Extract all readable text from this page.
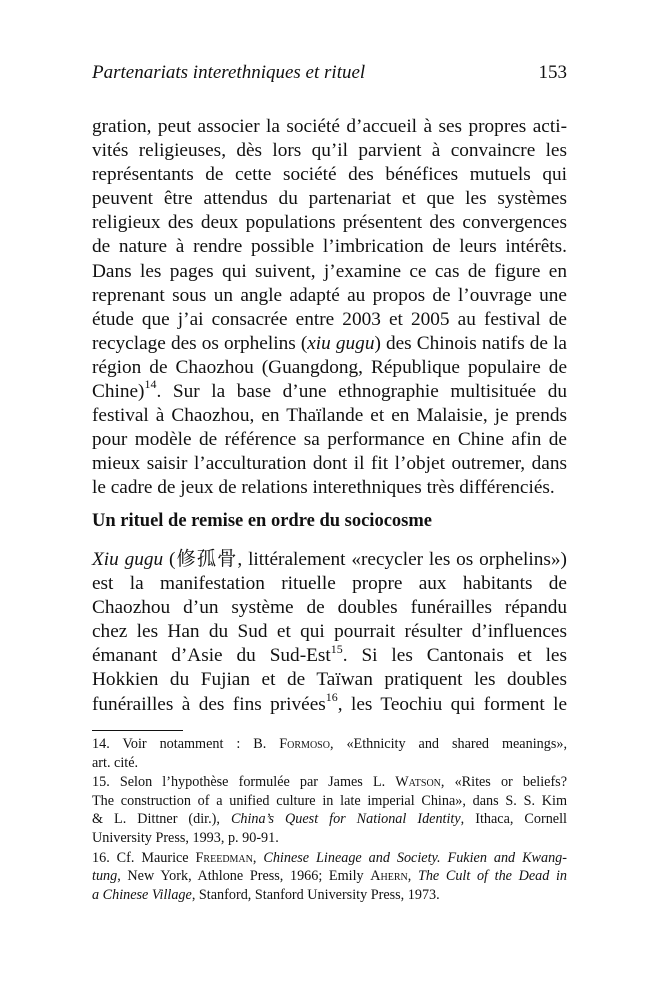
Partenariats interethniques et rituel	153
gration, peut associer la société d’accueil à ses propres acti-
vités religieuses, dès lors qu’il parvient à convaincre les
représentants de cette société des bénéfices mutuels qui
peuvent être attendus du partenariat et que les systèmes
religieux des deux populations présentent des convergences
de nature à rendre possible l’imbrication de leurs intérêts.
Dans les pages qui suivent, j’examine ce cas de figure en
reprenant sous un angle adapté au propos de l’ouvrage une
étude que j’ai consacrée entre 2003 et 2005 au festival de
recyclage des os orphelins (xiu gugu) des Chinois natifs de la
région de Chaozhou (Guangdong, République populaire de
Chine)$^{14}$. Sur la base d’une ethnographie multisituée du
festival à Chaozhou, en Thaïlande et en Malaisie, je prends
pour modèle de référence sa performance en Chine afin de
mieux saisir l’acculturation dont il fit l’objet outremer, dans
le cadre de jeux de relations interethniques très différenciés.
Un rituel de remise en ordre du sociocosme
Xiu gugu (修孤骨, littéralement «recycler les os orphelins»)
est la manifestation rituelle propre aux habitants de
Chaozhou d’un système de doubles funérailles répandu
chez les Han du Sud et qui pourrait résulter d’influences
émanant d’Asie du Sud-Est$^{15}$. Si les Cantonais et les
Hokkien du Fujian et de Taïwan pratiquent les doubles
funérailles à des fins privées$^{16}$, les Teochiu qui forment le
14. Voir notamment : B. Formoso, «Ethnicity and shared meanings»,
art. cité.
15. Selon l’hypothèse formulée par James L. Watson, «Rites or beliefs?
The construction of a unified culture in late imperial China», dans S. S. Kim
& L. Dittner (dir.), China’s Quest for National Identity, Ithaca, Cornell
University Press, 1993, p. 90-91.
16. Cf. Maurice Freedman, Chinese Lineage and Society. Fukien and Kwang-
tung, New York, Athlone Press, 1966; Emily Ahern, The Cult of the Dead in
a Chinese Village, Stanford, Stanford University Press, 1973.
